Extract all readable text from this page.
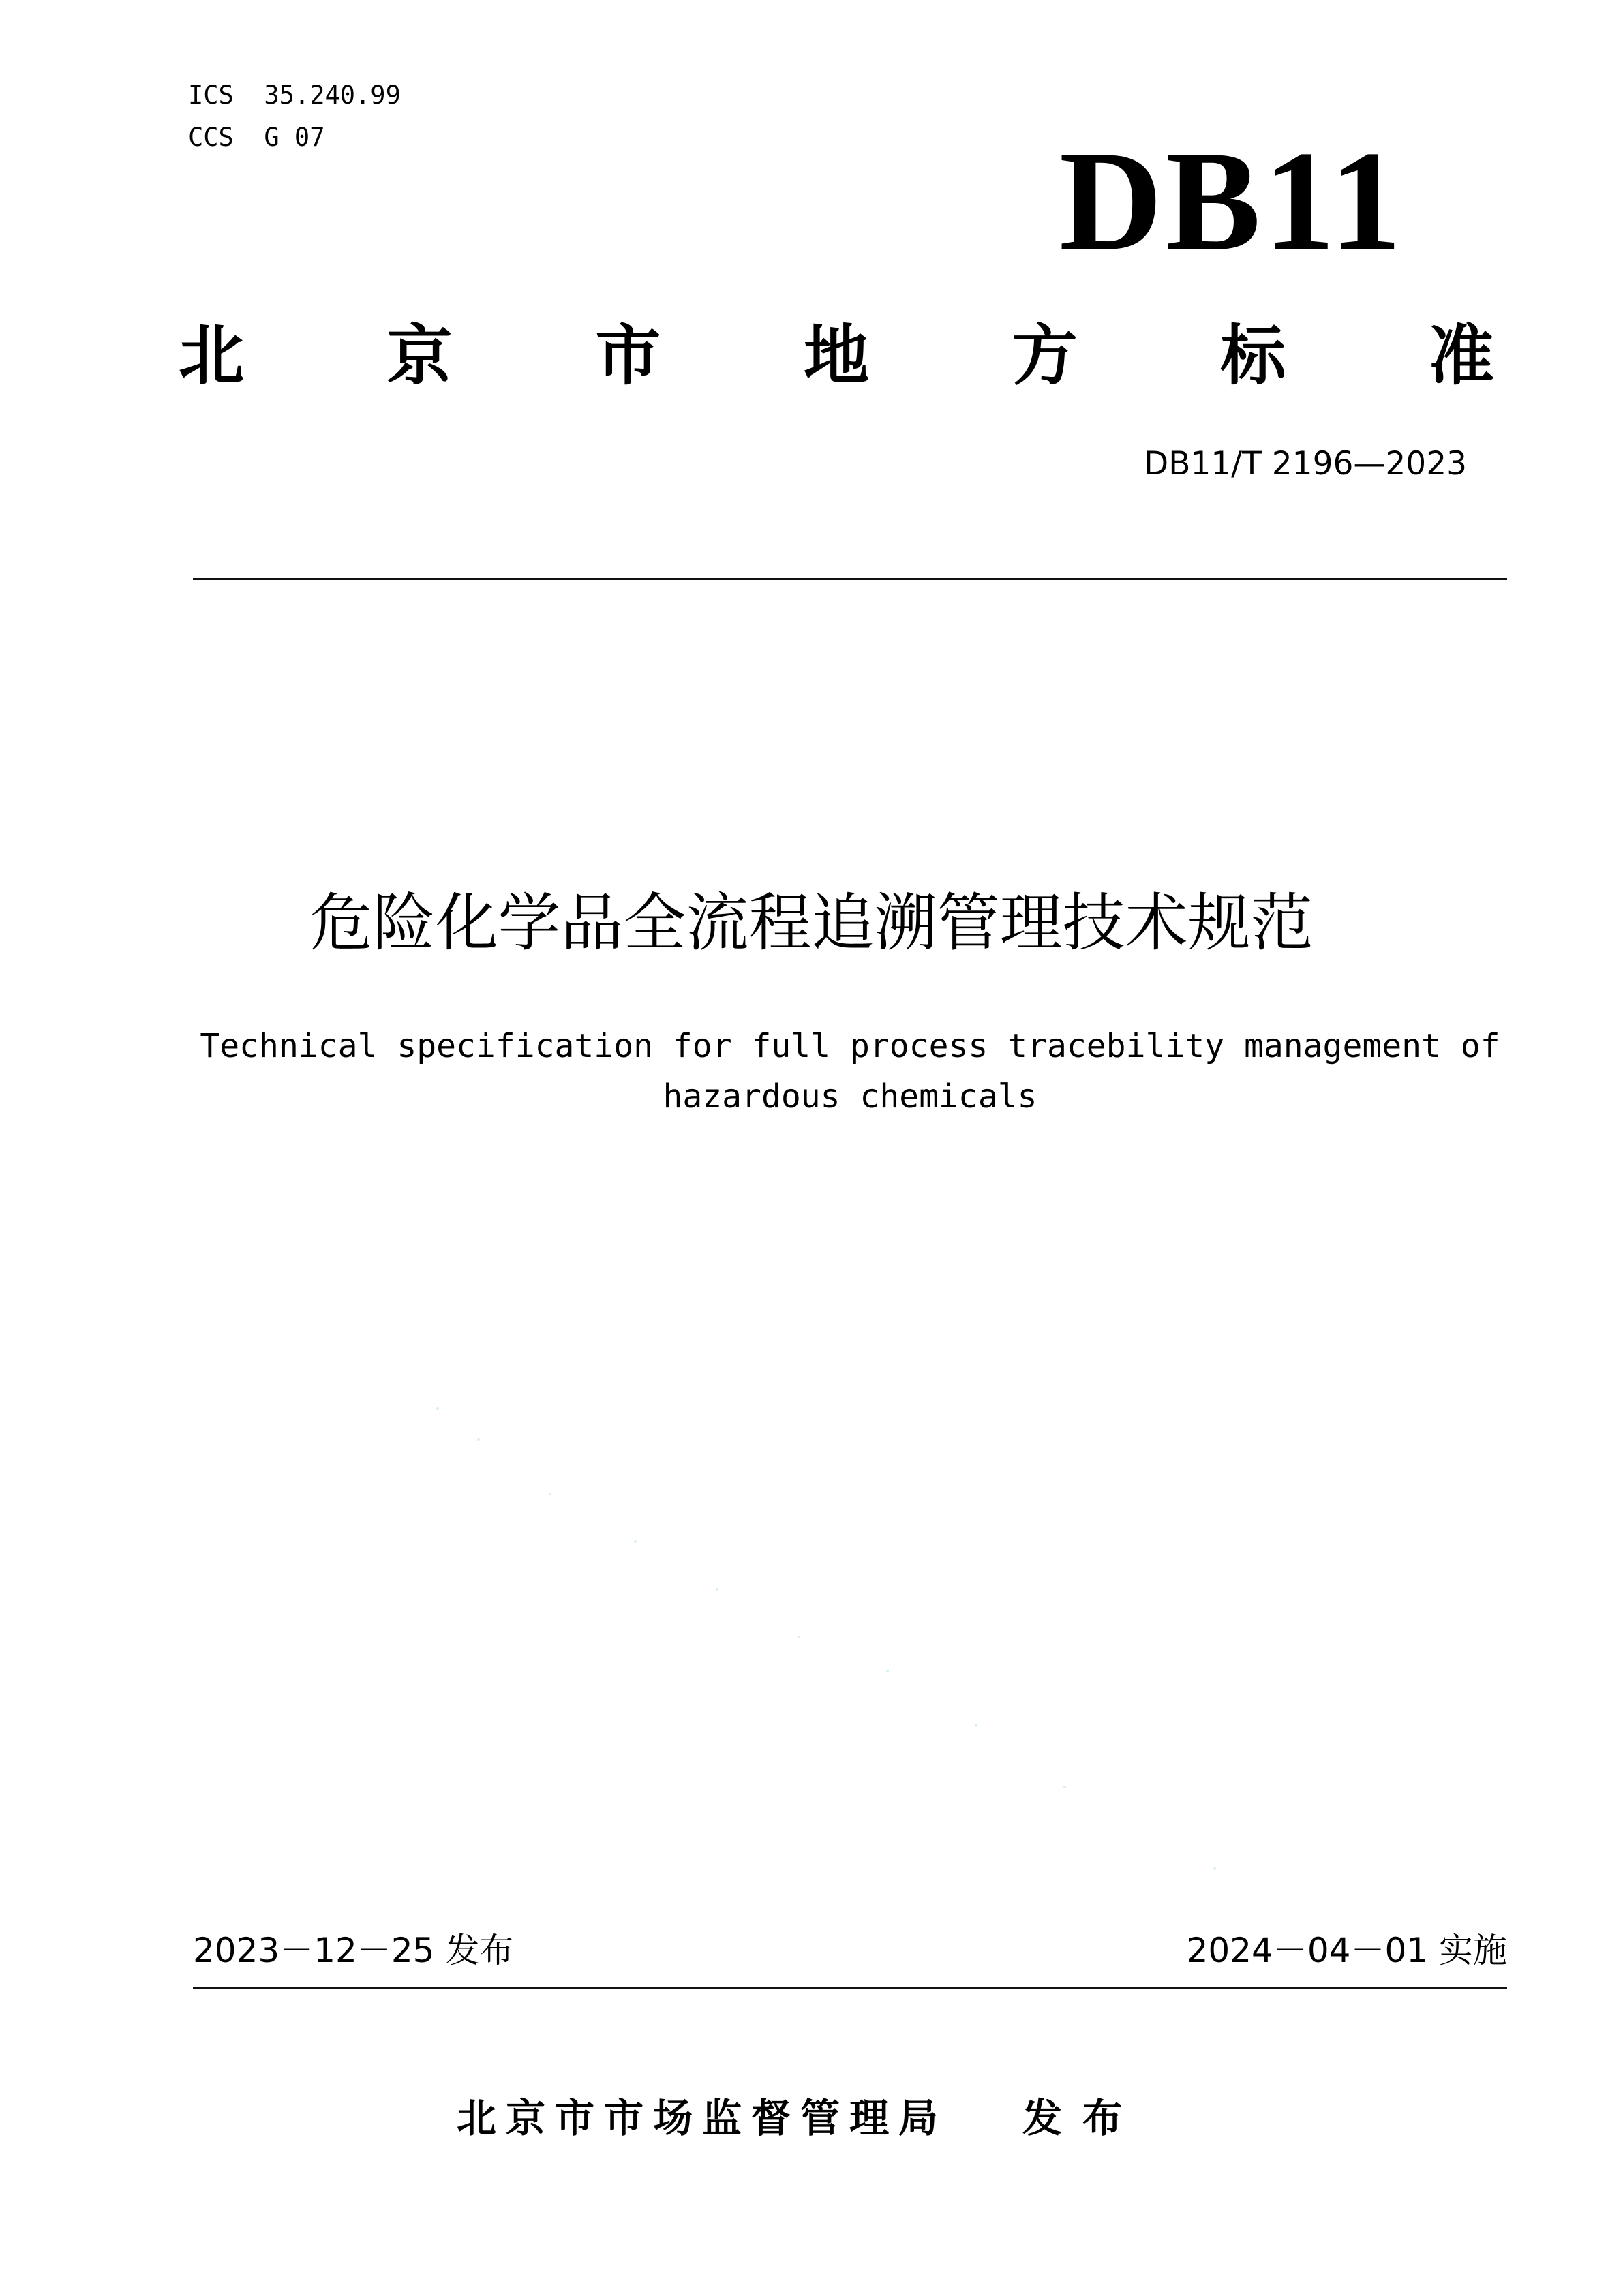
ICS  35.240.99
CCS  G 07	DB11
北 京 市 地 方 标 准
DB11/T 2196—2023
危险化学品全流程追溯管理技术规范
Technical specification for full process tracebility management of hazardous chemicals
2023－12－25 发布	2024－04－01 实施
北京市市场监督管理局 发布
